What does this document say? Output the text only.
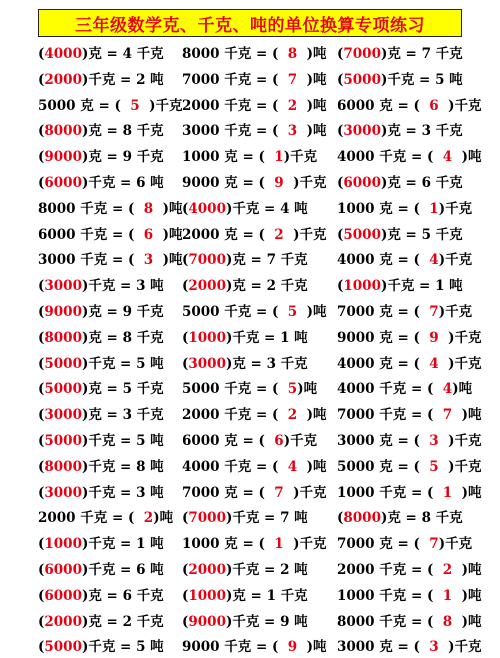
三年级数学克、千克、吨的单位换算专项练习
(4000)克 = 4 千克 8000 千克 = (  8  )吨 (7000)克 = 7 千克
(2000)千克 = 2 吨 7000 千克 = (  7  )吨 (5000)千克 = 5 吨
5000 克 = (  5  )千克 2000 千克 = (  2  )吨 6000 克 = (  6  )千克
(8000)克 = 8 千克 3000 千克 = (  3  )吨 (3000)克 = 3 千克
(9000)克 = 9 千克 1000 克 = (  1)千克 4000 千克 = (  4  )吨
(6000)千克 = 6 吨 9000 克 = (  9  )千克 (6000)克 = 6 千克
8000 千克 = (  8  )吨 (4000)千克 = 4 吨 1000 克 = (  1)千克
6000 千克 = (  6  )吨 2000 克 = (  2  )千克 (5000)克 = 5 千克
3000 千克 = (  3  )吨 (7000)克 = 7 千克 4000 克 = (  4)千克
(3000)千克 = 3 吨 (2000)克 = 2 千克 (1000)千克 = 1 吨
(9000)克 = 9 千克 5000 千克 = (  5  )吨 7000 克 = (  7)千克
(8000)克 = 8 千克 (1000)千克 = 1 吨 9000 克 = (  9  )千克
(5000)千克 = 5 吨 (3000)克 = 3 千克 4000 克 = (  4  )千克
(5000)克 = 5 千克 5000 千克 = (  5)吨 4000 千克 = (  4)吨
(3000)克 = 3 千克 2000 千克 = (  2  )吨 7000 千克 = (  7  )吨
(5000)千克 = 5 吨 6000 克 = (  6)千克 3000 克 = (  3  )千克
(8000)千克 = 8 吨 4000 千克 = (  4  )吨 5000 克 = (  5  )千克
(3000)千克 = 3 吨 7000 克 = (  7  )千克 1000 千克 = (  1  )吨
2000 千克 = (  2)吨 (7000)千克 = 7 吨 (8000)克 = 8 千克
(1000)千克 = 1 吨 1000 克 = (  1  )千克 7000 克 = (  7)千克
(6000)千克 = 6 吨 (2000)千克 = 2 吨 2000 千克 = (  2  )吨
(6000)克 = 6 千克 (1000)克 = 1 千克 1000 千克 = (  1  )吨
(2000)克 = 2 千克 (9000)千克 = 9 吨 8000 千克 = (  8  )吨
(5000)千克 = 5 吨 9000 千克 = (  9  )吨 3000 克 = (  3  )千克
